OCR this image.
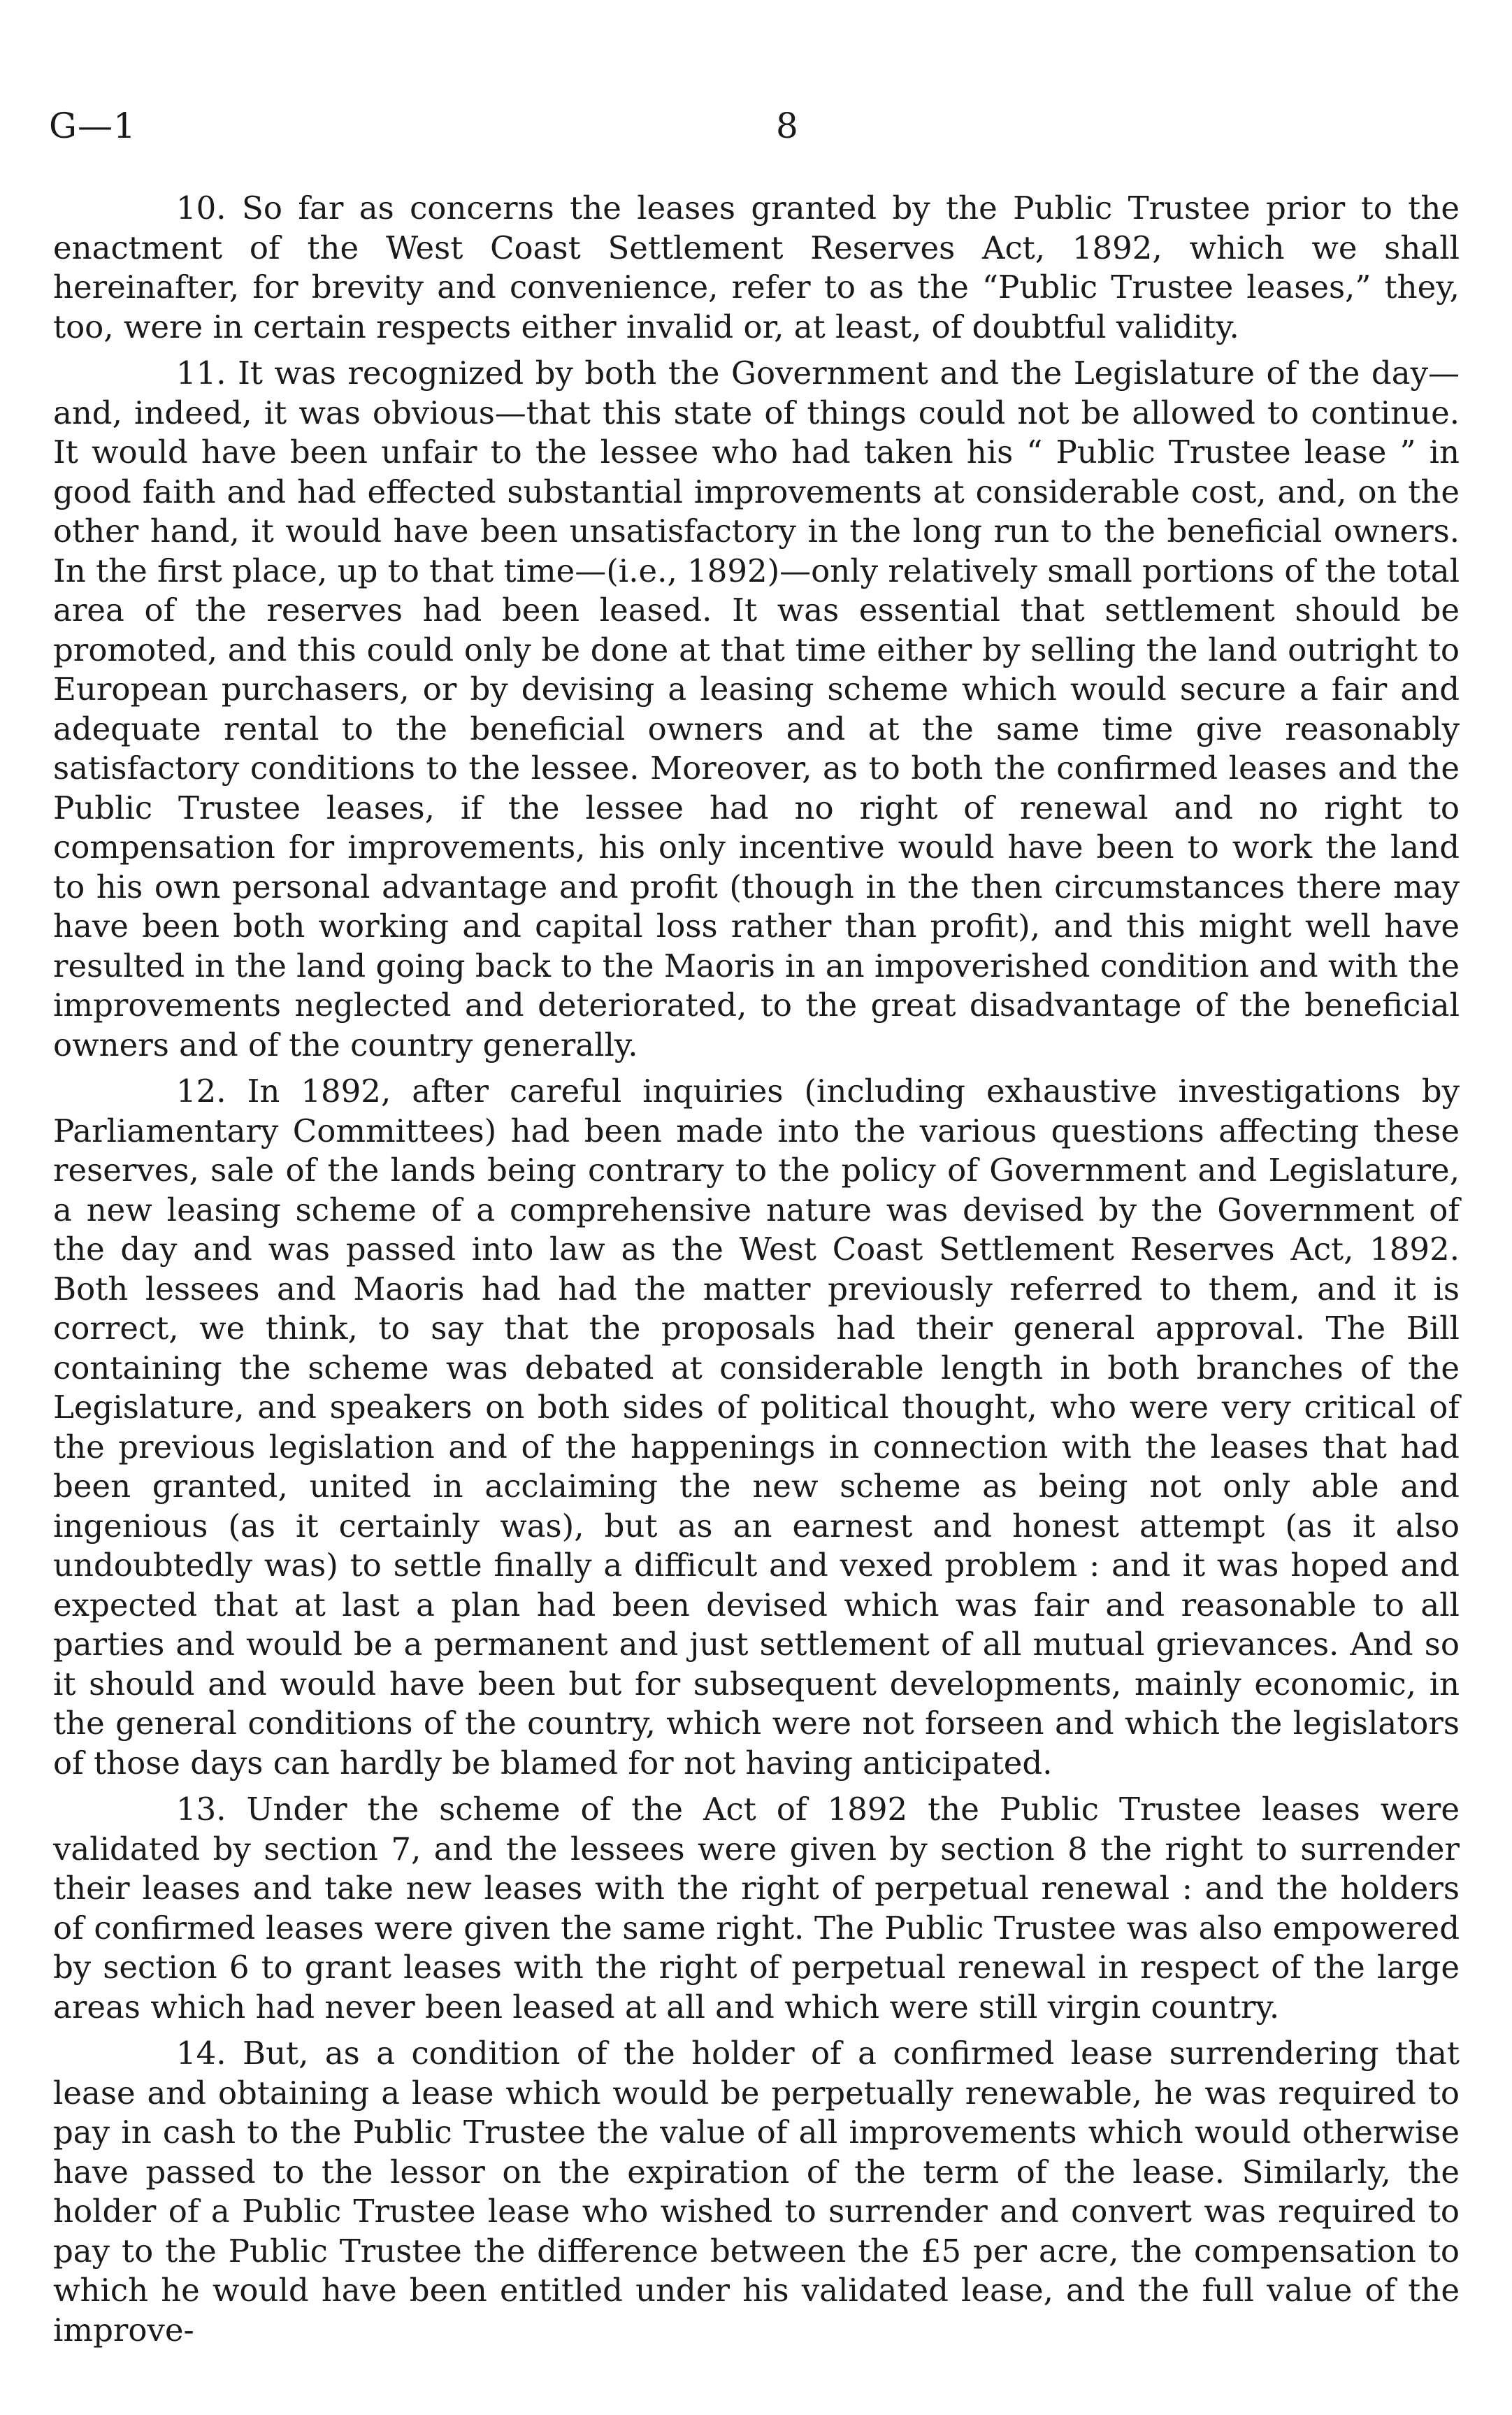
G—1	8

10. So far as concerns the leases granted by the Public Trustee prior to the enactment of the West Coast Settlement Reserves Act, 1892, which we shall hereinafter, for brevity and convenience, refer to as the “Public Trustee leases,” they, too, were in certain respects either invalid or, at least, of doubtful validity.

11. It was recognized by both the Government and the Legislature of the day—and, indeed, it was obvious—that this state of things could not be allowed to continue. It would have been unfair to the lessee who had taken his “ Public Trustee lease ” in good faith and had effected substantial improvements at considerable cost, and, on the other hand, it would have been unsatisfactory in the long run to the beneficial owners. In the first place, up to that time—(i.e., 1892)—only relatively small portions of the total area of the reserves had been leased. It was essential that settlement should be promoted, and this could only be done at that time either by selling the land outright to European purchasers, or by devising a leasing scheme which would secure a fair and adequate rental to the beneficial owners and at the same time give reasonably satisfactory conditions to the lessee. Moreover, as to both the confirmed leases and the Public Trustee leases, if the lessee had no right of renewal and no right to compensation for improvements, his only incentive would have been to work the land to his own personal advantage and profit (though in the then circumstances there may have been both working and capital loss rather than profit), and this might well have resulted in the land going back to the Maoris in an impoverished condition and with the improvements neglected and deteriorated, to the great disadvantage of the beneficial owners and of the country generally.

12. In 1892, after careful inquiries (including exhaustive investigations by Parliamentary Committees) had been made into the various questions affecting these reserves, sale of the lands being contrary to the policy of Government and Legislature, a new leasing scheme of a comprehensive nature was devised by the Government of the day and was passed into law as the West Coast Settlement Reserves Act, 1892. Both lessees and Maoris had had the matter previously referred to them, and it is correct, we think, to say that the proposals had their general approval. The Bill containing the scheme was debated at considerable length in both branches of the Legislature, and speakers on both sides of political thought, who were very critical of the previous legislation and of the happenings in connection with the leases that had been granted, united in acclaiming the new scheme as being not only able and ingenious (as it certainly was), but as an earnest and honest attempt (as it also undoubtedly was) to settle finally a difficult and vexed problem : and it was hoped and expected that at last a plan had been devised which was fair and reasonable to all parties and would be a permanent and just settlement of all mutual grievances. And so it should and would have been but for subsequent developments, mainly economic, in the general conditions of the country, which were not forseen and which the legislators of those days can hardly be blamed for not having anticipated.

13. Under the scheme of the Act of 1892 the Public Trustee leases were validated by section 7, and the lessees were given by section 8 the right to surrender their leases and take new leases with the right of perpetual renewal : and the holders of confirmed leases were given the same right. The Public Trustee was also empowered by section 6 to grant leases with the right of perpetual renewal in respect of the large areas which had never been leased at all and which were still virgin country.

14. But, as a condition of the holder of a confirmed lease surrendering that lease and obtaining a lease which would be perpetually renewable, he was required to pay in cash to the Public Trustee the value of all improvements which would otherwise have passed to the lessor on the expiration of the term of the lease. Similarly, the holder of a Public Trustee lease who wished to surrender and convert was required to pay to the Public Trustee the difference between the £5 per acre, the compensation to which he would have been entitled under his validated lease, and the full value of the improve-
